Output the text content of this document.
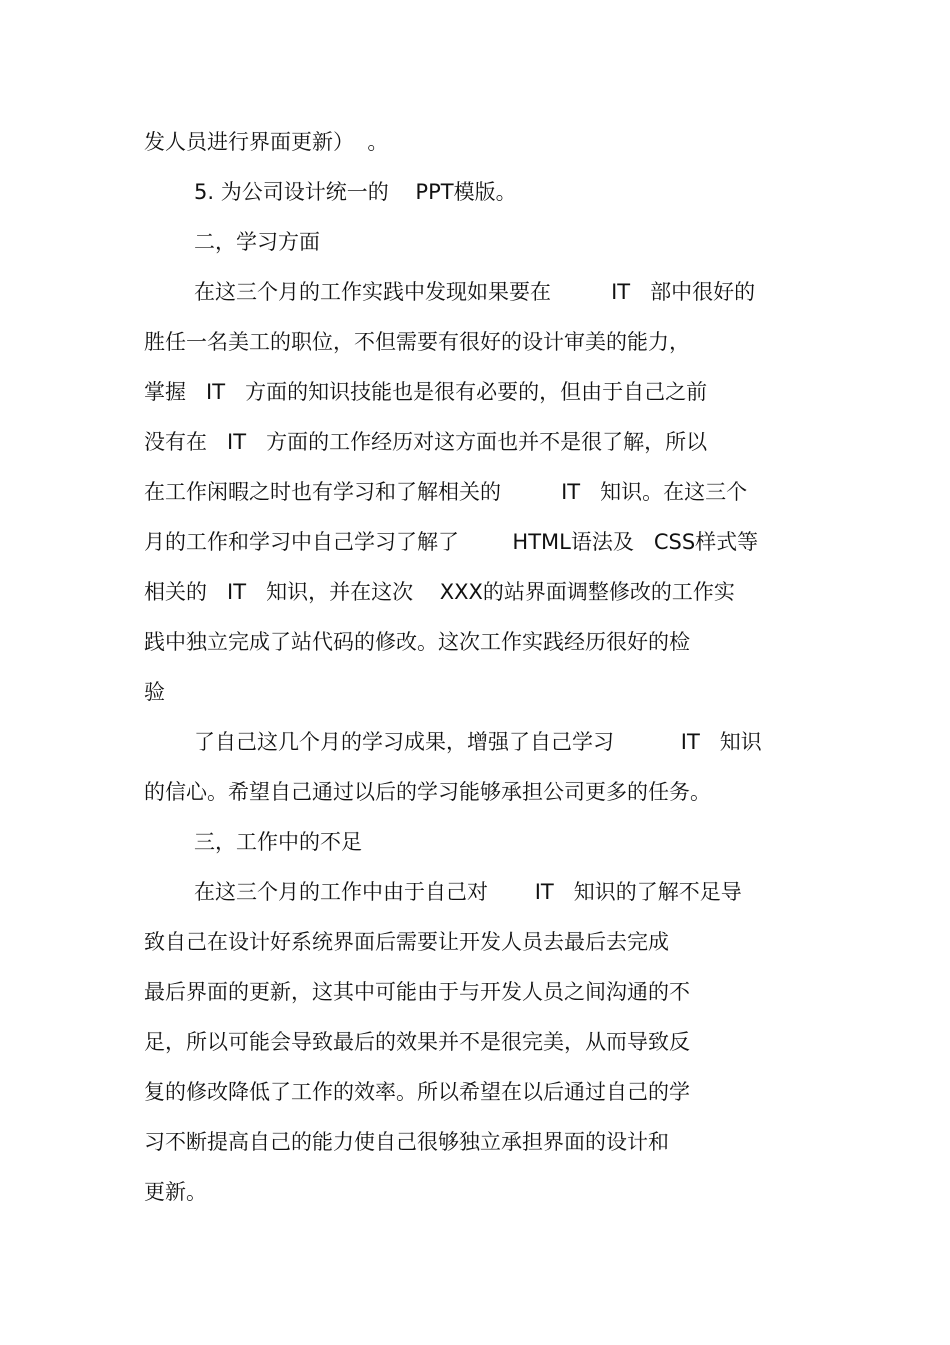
发人员进行界面更新）  。
5. 为公司设计统一的    PPT模版。
二，学习方面
在这三个月的工作实践中发现如果要在         IT   部中很好的
胜任一名美工的职位，不但需要有很好的设计审美的能力，
掌握   IT   方面的知识技能也是很有必要的，但由于自己之前
没有在   IT   方面的工作经历对这方面也并不是很了解，所以
在工作闲暇之时也有学习和了解相关的         IT   知识。在这三个
月的工作和学习中自己学习了解了        HTML语法及   CSS样式等
相关的   IT   知识，并在这次    XXX的站界面调整修改的工作实
践中独立完成了站代码的修改。这次工作实践经历很好的检
验
了自己这几个月的学习成果，增强了自己学习          IT   知识
的信心。希望自己通过以后的学习能够承担公司更多的任务。
三，工作中的不足
在这三个月的工作中由于自己对       IT   知识的了解不足导
致自己在设计好系统界面后需要让开发人员去最后去完成
最后界面的更新，这其中可能由于与开发人员之间沟通的不
足，所以可能会导致最后的效果并不是很完美，从而导致反
复的修改降低了工作的效率。所以希望在以后通过自己的学
习不断提高自己的能力使自己很够独立承担界面的设计和
更新。
